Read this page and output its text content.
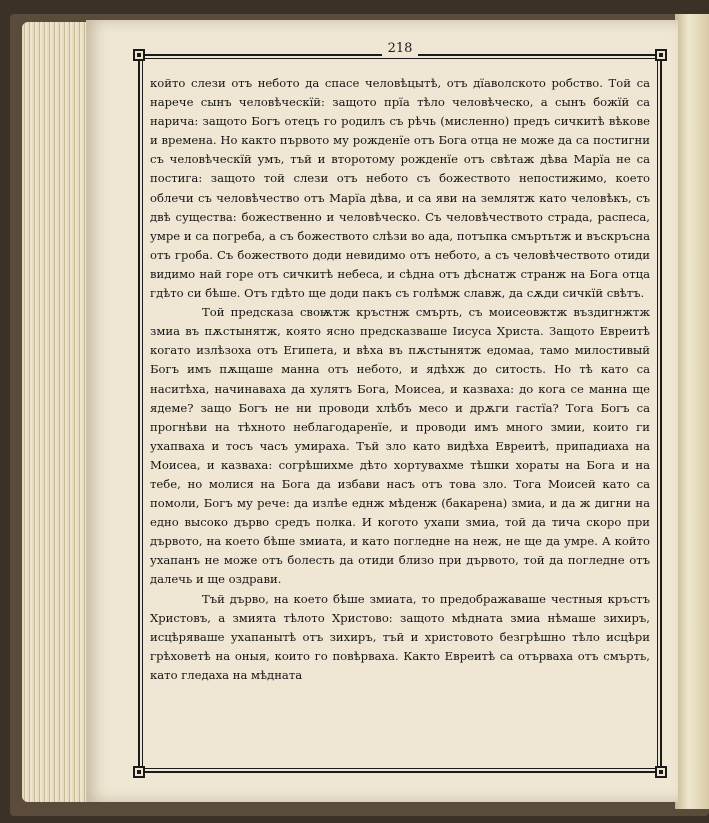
218

който слези отъ небото да спасе человѣцытѣ, отъ дїаволското робство. Той са нарече сынъ человѣческїй: защото прїа тѣло человѣческо, а сынъ божїй са нарича: защото Богъ отецъ го родилъ съ рѣчь (мисленно) предъ сичкитѣ вѣкове и времена. Но както първото му рожденїе отъ Бога отца не може да са постигни съ человѣческїй умъ, тъй и второтому рожденїе отъ свѣтаж дѣва Марїа не са постига: защото той слези отъ небото съ божеството непостижимо, което облечи съ человѣчество отъ Марїа дѣва, и са яви на землятж като человѣкъ, съ двѣ существа: божественно и человѣческо. Съ человѣчеството страда, распеса, умре и са погреба, а съ божеството слѣзи во ада, потъпка смъртьтж и въскръсна отъ гроба. Съ божеството доди невидимо отъ небото, а съ человѣчеството отиди видимо най горе отъ сичкитѣ небеса, и сѣдна отъ дѣснатж странж на Бога отца гдѣто си бѣше. Отъ гдѣто ще доди пакъ съ голѣмж славж, да сѫди сичкїй свѣтъ.

Той предсказа своѭтж кръстнж смърть, съ моисеовжтж въздигнжтж змиа въ пѫстынятж, която ясно предсказваше Ӏисуса Христа. Защото Евреитѣ когато излѣзоха отъ Египета, и вѣха въ пѫстынятж едомаа, тамо милостивый Богъ имъ пѫщаше манна отъ небото, и ядѣхж до ситость. Но тѣ като са наситѣха, начинаваха да хулятъ Бога, Моисеа, и казваха: до кога се манна ще ядеме? защо Богъ не ни проводи хлѣбъ месо и дрѫги гастїа? Тога Богъ са прогнѣви на тѣхното неблагодаренїе, и проводи имъ много змии, които ги ухапваха и тосъ часъ умираха. Тъй зло като видѣха Евреитѣ, припадиаха на Моисеа, и казваха: согрѣшихме дѣто хортувахме тѣшки хораты на Бога и на тебе, но молися на Бога да избави насъ отъ това зло. Тога Моисей като са помоли, Богъ му рече: да излѣе еднж мѣденж (бакарена) змиа, и да ж дигни на едно высоко дърво средъ полка. И когото ухапи змиа, той да тича скоро при дървото, на което бѣше змиата, и като погледне на неж, не ще да умре. А който ухапанъ не може отъ болесть да отиди близо при дървото, той да погледне отъ далечь и ще оздрави.

Тъй дърво, на което бѣше змиата, то предображаваше честныя кръстъ Христовъ, а змията тѣлото Христово: защото мѣдната змиа нѣмаше зихиръ, исцѣряваше ухапанытѣ отъ зихиръ, тъй и христовото безгрѣшно тѣло исцѣри грѣховетѣ на оныя, които го повѣрваха. Както Евреитѣ са отърваха отъ смърть, като гледаха на мѣдната
